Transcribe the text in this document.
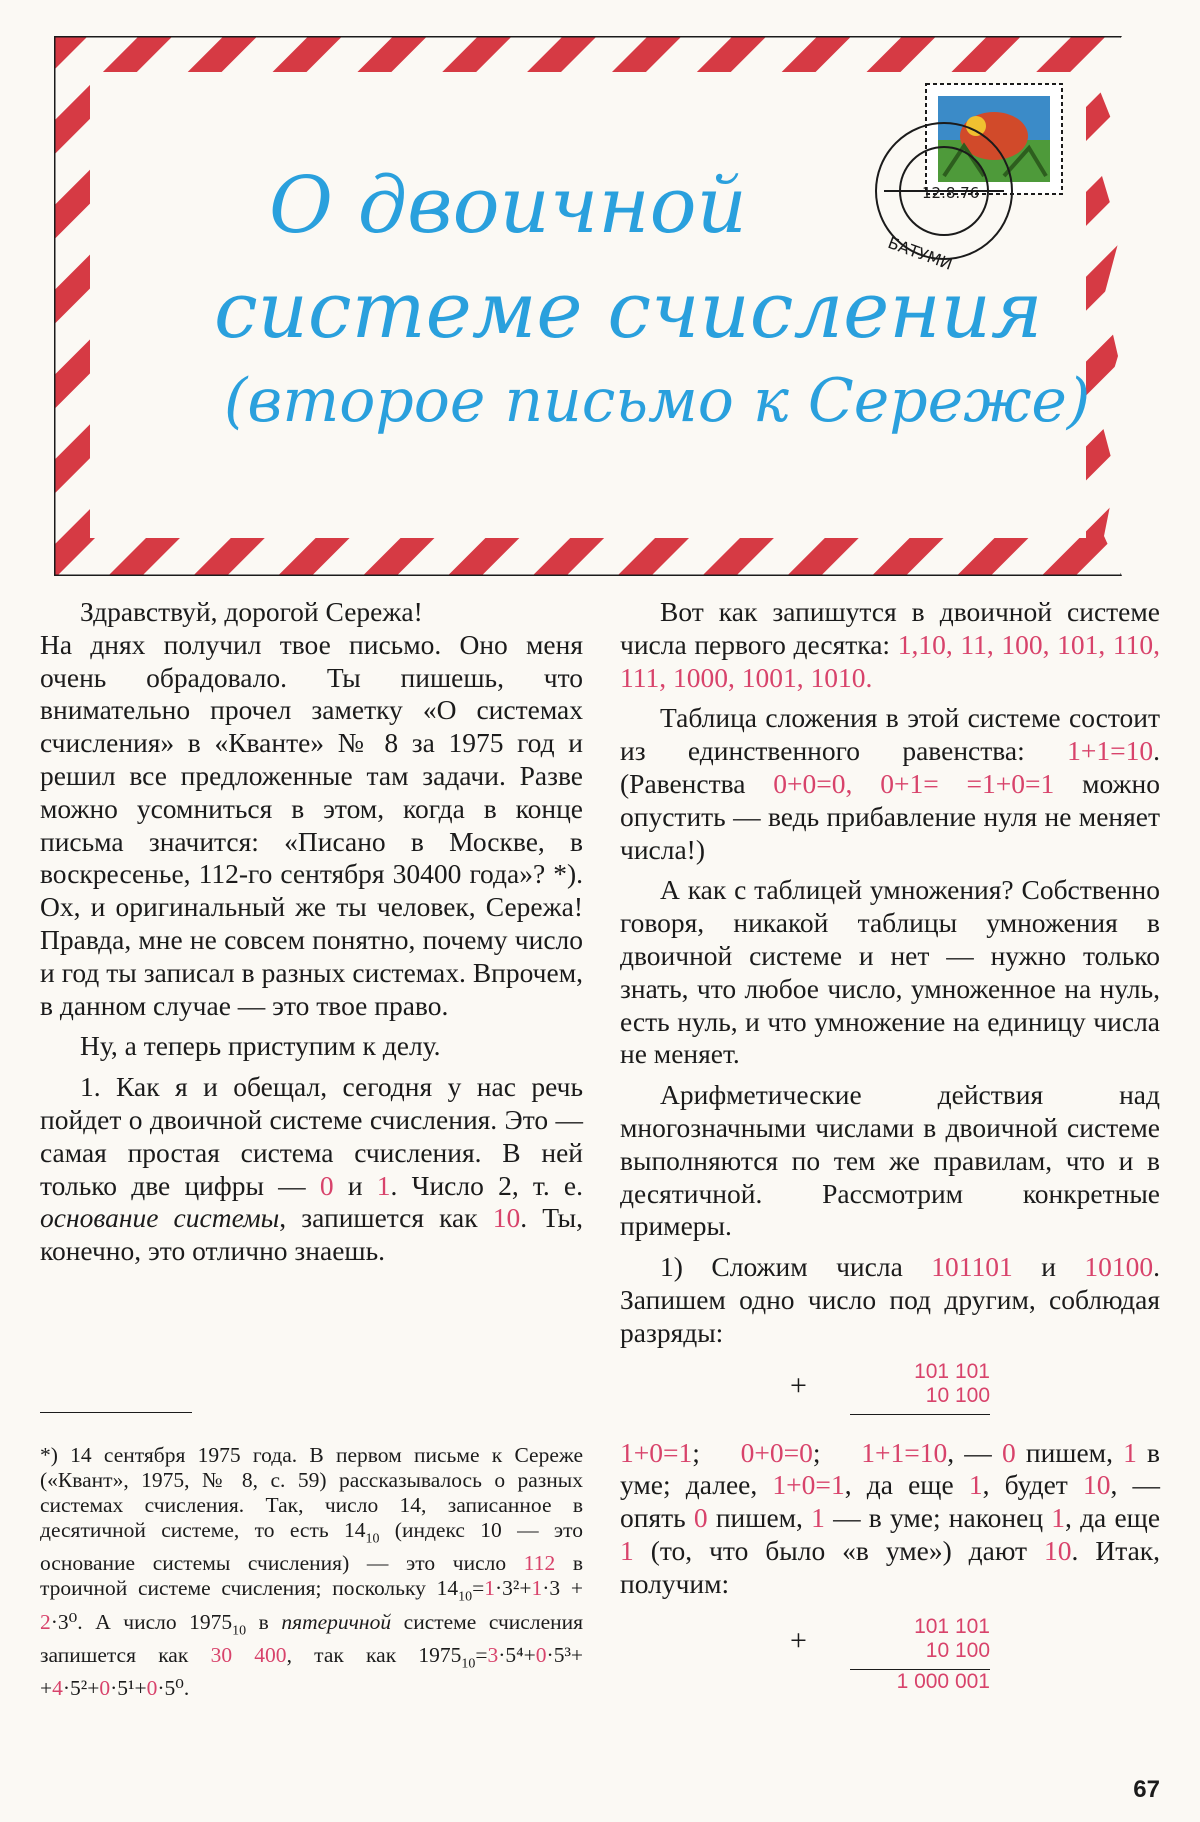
БАТУМИ
12.8.76
О двоичной
системе счисления
(второе письмо к Сереже)

Здравствуй, дорогой Сережа!

На днях получил твое письмо. Оно меня очень обрадовало. Ты пишешь, что внимательно прочел заметку «О системах счисления» в «Кванте» № 8 за 1975 год и решил все предложенные там задачи. Разве можно усомниться в этом, когда в конце письма значится: «Писано в Москве, в воскресенье, 112-го сентября 30400 года»? *). Ох, и оригинальный же ты человек, Сережа! Правда, мне не совсем понятно, почему число и год ты записал в разных системах. Впрочем, в данном случае — это твое право.

Ну, а теперь приступим к делу.

1. Как я и обещал, сегодня у нас речь пойдет о двоичной системе счисления. Это — самая простая система счисления. В ней только две цифры — 0 и 1. Число 2, т. е. основание системы, запишется как 10. Ты, конечно, это отлично знаешь.

*) 14 сентября 1975 года. В первом письме к Сереже («Квант», 1975, № 8, с. 59) рассказывалось о разных системах счисления. Так, число 14, записанное в десятичной системе, то есть $14_{10}$ (индекс 10 — это основание системы счисления) — это число 112 в троичной системе счисления; поскольку $14_{10}=1\cdot 3^2+1\cdot 3 + 2\cdot 3^0$. А число $1975_{10}$ в пятеричной системе счисления запишется как 30 400, так как $1975_{10}=3\cdot 5^4+0\cdot 5^3+ +4\cdot 5^2+0\cdot 5^1+0\cdot 5^0$.

Вот как запишутся в двоичной системе числа первого десятка: 1,10, 11, 100, 101, 110, 111, 1000, 1001, 1010.

Таблица сложения в этой системе состоит из единственного равенства: 1+1=10. (Равенства 0+0=0, 0+1= =1+0=1 можно опустить — ведь прибавление нуля не меняет числа!)

А как с таблицей умножения? Собственно говоря, никакой таблицы умножения в двоичной системе и нет — нужно только знать, что любое число, умноженное на нуль, есть нуль, и что умножение на единицу числа не меняет.

Арифметические действия над многозначными числами в двоичной системе выполняются по тем же правилам, что и в десятичной. Рассмотрим конкретные примеры.

1) Сложим числа 101101 и 10100. Запишем одно число под другим, соблюдая разряды:

+	101 101
10 100

1+0=1; 0+0=0; 1+1=10, — 0 пишем, 1 в уме; далее, 1+0=1, да еще 1, будет 10, — опять 0 пишем, 1 — в уме; наконец 1, да еще 1 (то, что было «в уме») дают 10. Итак, получим:

+	101 101
10 100
1 000 001
67
